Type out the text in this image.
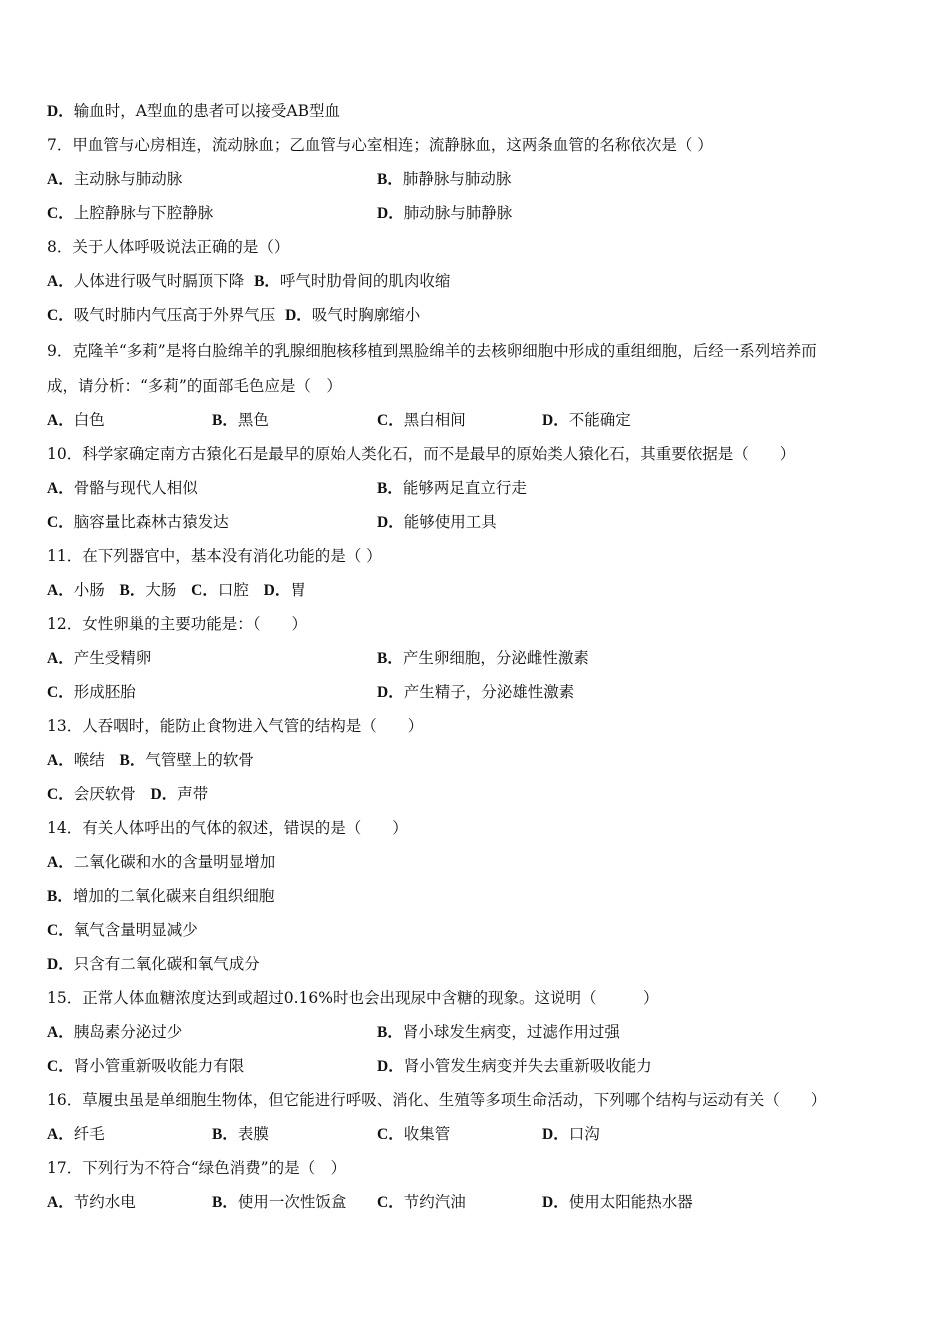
D．输血时，A型血的患者可以接受AB型血
7．甲血管与心房相连，流动脉血；乙血管与心室相连；流静脉血，这两条血管的名称依次是（ ）
A．主动脉与肺动脉	B．肺静脉与肺动脉
C．上腔静脉与下腔静脉	D．肺动脉与肺静脉
8．关于人体呼吸说法正确的是（）
A．人体进行吸气时膈顶下降 B．呼气时肋骨间的肌肉收缩
C．吸气时肺内气压高于外界气压 D．吸气时胸廓缩小
9．克隆羊“多莉”是将白脸绵羊的乳腺细胞核移植到黑脸绵羊的去核卵细胞中形成的重组细胞，后经一系列培养而
成，请分析：“多莉”的面部毛色应是（　）
A．白色	B．黑色	C．黑白相间	D．不能确定
10．科学家确定南方古猿化石是最早的原始人类化石，而不是最早的原始类人猿化石，其重要依据是（　　）
A．骨骼与现代人相似	B．能够两足直立行走
C．脑容量比森林古猿发达	D．能够使用工具
11．在下列器官中，基本没有消化功能的是（ ）
A．小肠 B．大肠 C．口腔 D．胃
12．女性卵巢的主要功能是：（　　）
A．产生受精卵	B．产生卵细胞，分泌雌性激素
C．形成胚胎	D．产生精子，分泌雄性激素
13．人吞咽时，能防止食物进入气管的结构是（　　）
A．喉结 B．气管壁上的软骨
C．会厌软骨 D．声带
14．有关人体呼出的气体的叙述，错误的是（　　）
A．二氧化碳和水的含量明显增加
B．增加的二氧化碳来自组织细胞
C．氧气含量明显减少
D．只含有二氧化碳和氧气成分
15．正常人体血糖浓度达到或超过0.16%时也会出现尿中含糖的现象。这说明（　　　）
A．胰岛素分泌过少	B．肾小球发生病变，过滤作用过强
C．肾小管重新吸收能力有限	D．肾小管发生病变并失去重新吸收能力
16．草履虫虽是单细胞生物体，但它能进行呼吸、消化、生殖等多项生命活动，下列哪个结构与运动有关（　　）
A．纤毛	B．表膜	C．收集管	D．口沟
17．下列行为不符合“绿色消费”的是（　）
A．节约水电	B．使用一次性饭盒 C．节约汽油	D．使用太阳能热水器
